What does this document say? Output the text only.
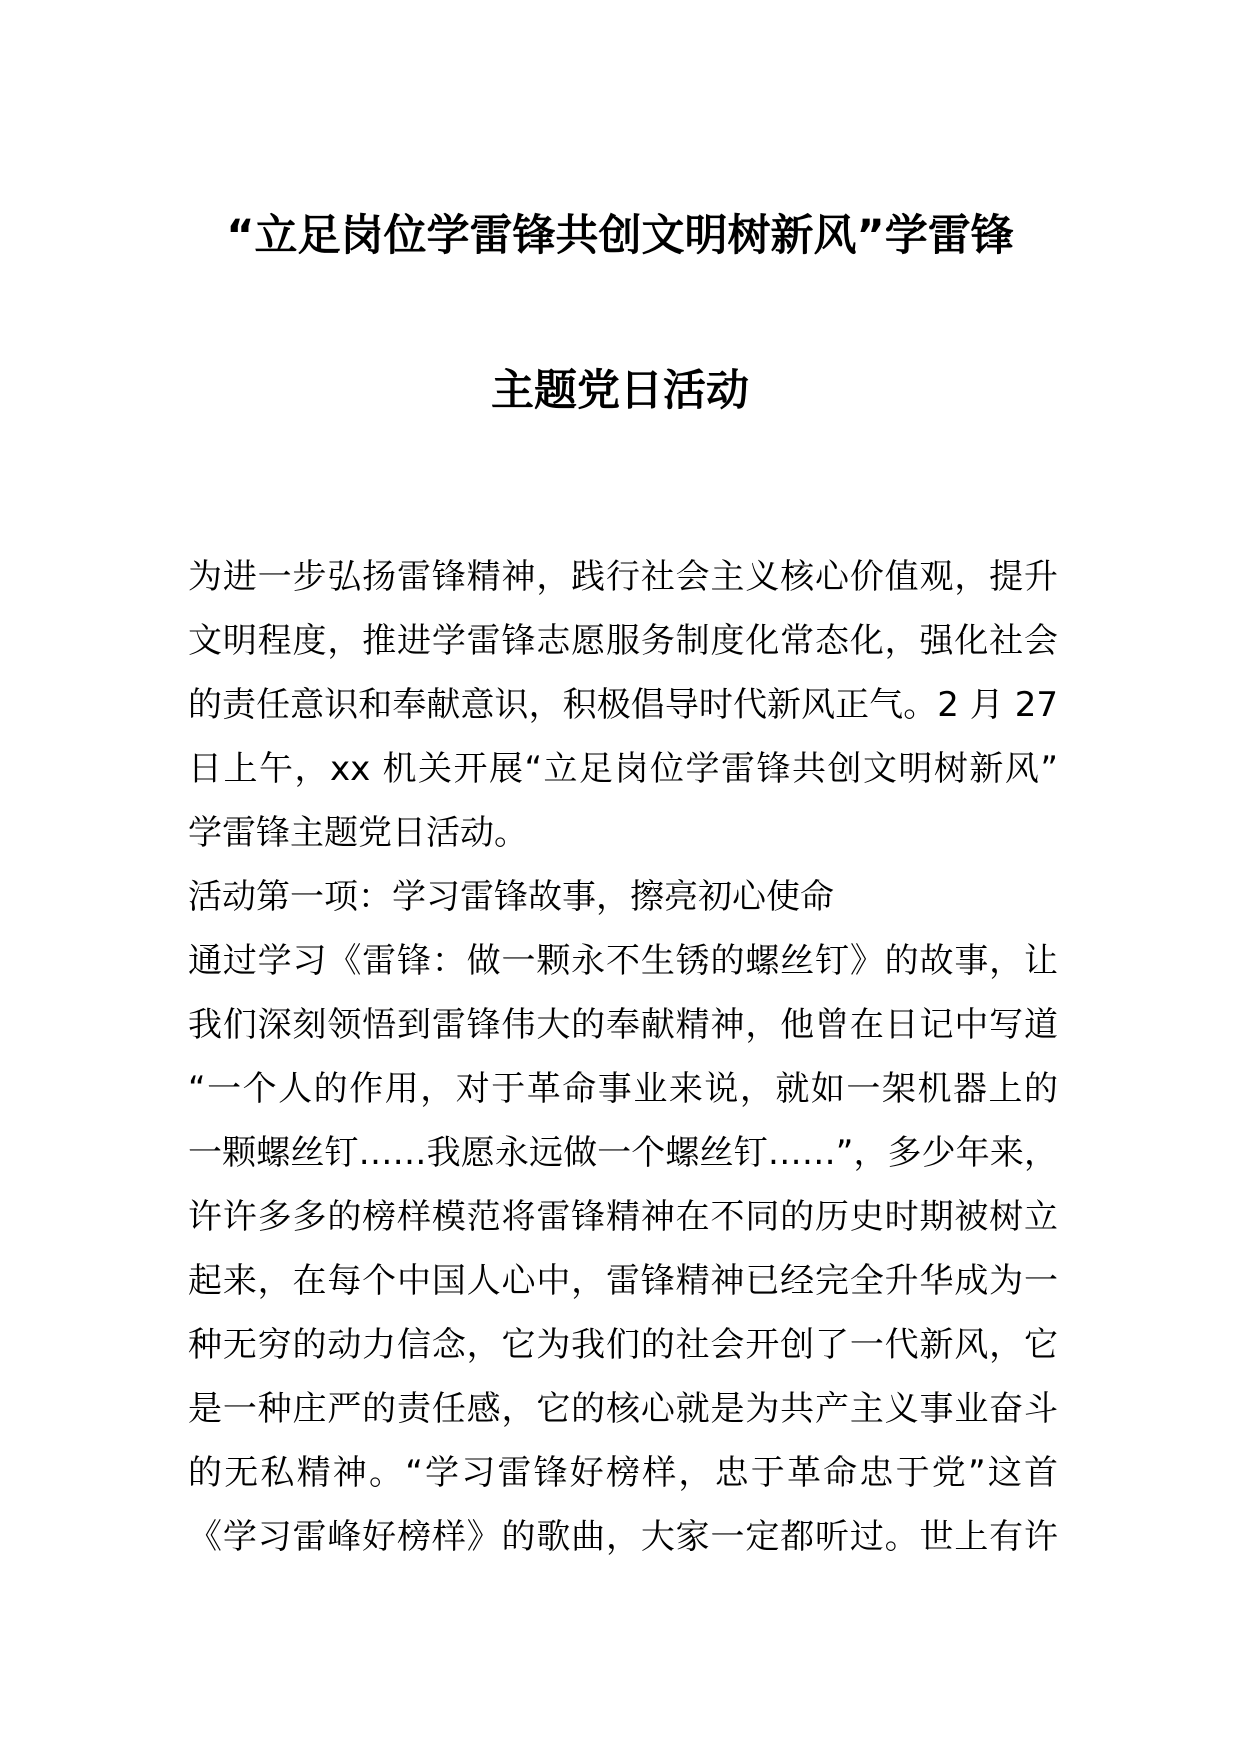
“立足岗位学雷锋共创文明树新风”学雷锋
主题党日活动
为进一步弘扬雷锋精神，践行社会主义核心价值观，提升
文明程度，推进学雷锋志愿服务制度化常态化，强化社会
的责任意识和奉献意识，积极倡导时代新风正气。2 月 27
日上午，xx 机关开展“立足岗位学雷锋共创文明树新风”
学雷锋主题党日活动。
活动第一项：学习雷锋故事，擦亮初心使命
通过学习《雷锋：做一颗永不生锈的螺丝钉》的故事，让
我们深刻领悟到雷锋伟大的奉献精神，他曾在日记中写道
“一个人的作用，对于革命事业来说，就如一架机器上的
一颗螺丝钉……我愿永远做一个螺丝钉……”，多少年来，
许许多多的榜样模范将雷锋精神在不同的历史时期被树立
起来，在每个中国人心中，雷锋精神已经完全升华成为一
种无穷的动力信念，它为我们的社会开创了一代新风，它
是一种庄严的责任感，它的核心就是为共产主义事业奋斗
的无私精神。“学习雷锋好榜样，忠于革命忠于党”这首
《学习雷峰好榜样》的歌曲，大家一定都听过。世上有许
